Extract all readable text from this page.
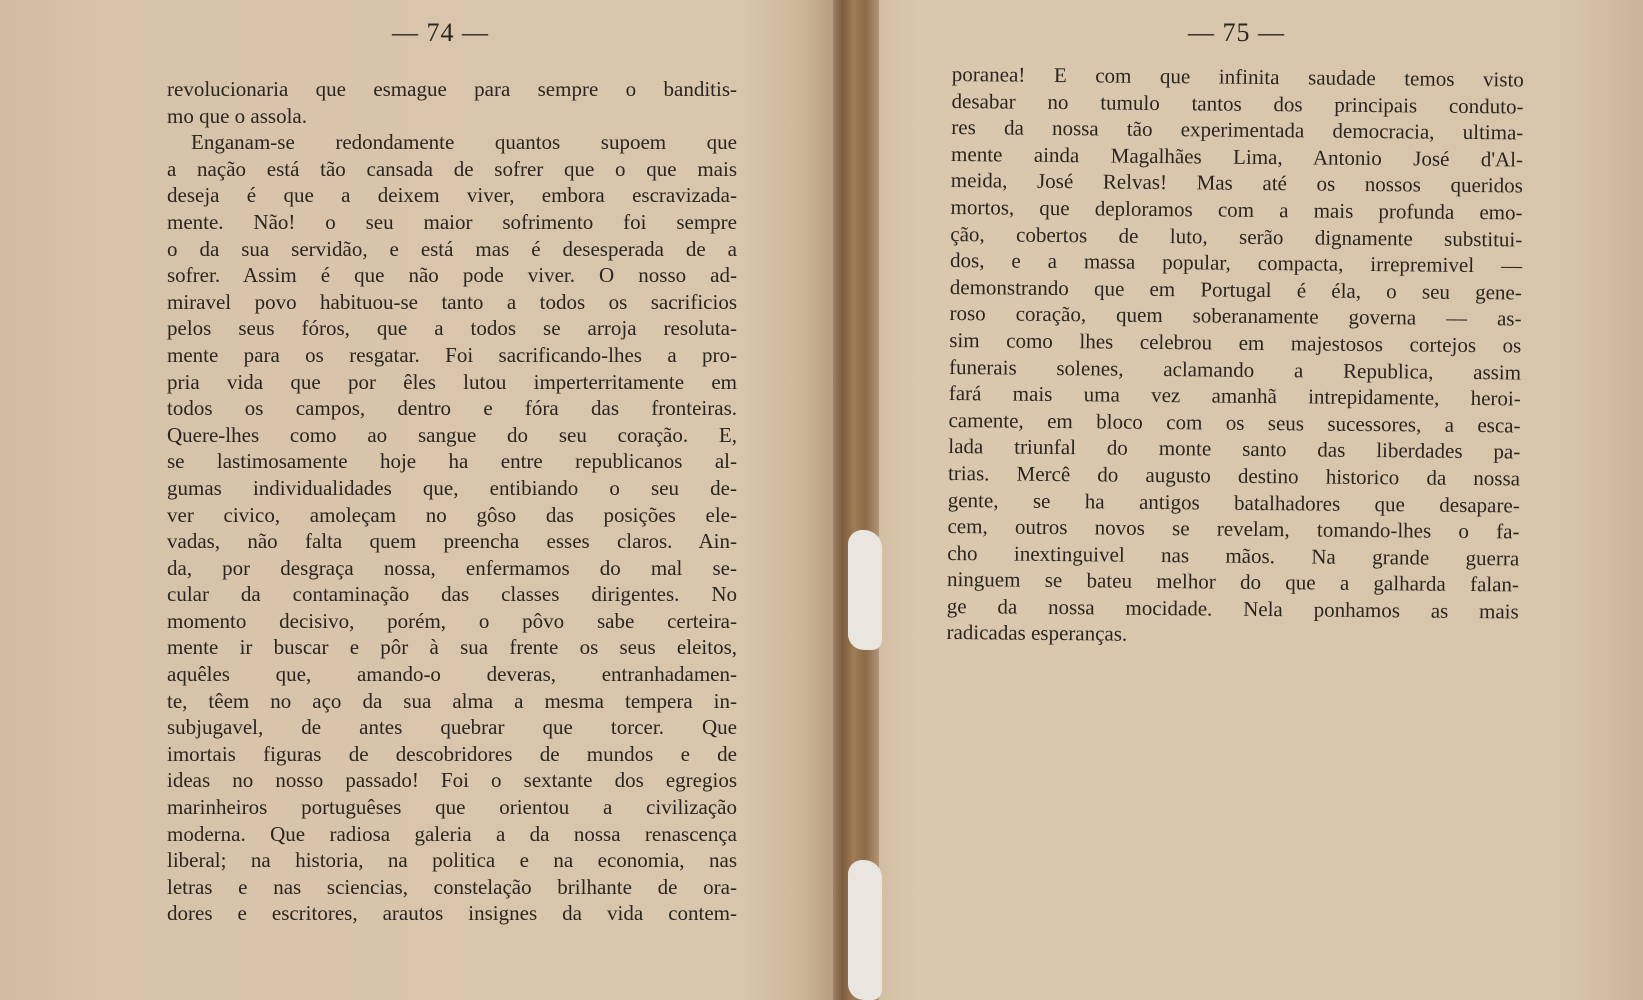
— 74 —
revolucionaria que esmague para sempre o banditis-
mo que o assola.
Enganam-se redondamente quantos supoem que
a nação está tão cansada de sofrer que o que mais
deseja é que a deixem viver, embora escravizada-
mente. Não! o seu maior sofrimento foi sempre
o da sua servidão, e está mas é desesperada de a
sofrer. Assim é que não pode viver. O nosso ad-
miravel povo habituou-se tanto a todos os sacrificios
pelos seus fóros, que a todos se arroja resoluta-
mente para os resgatar. Foi sacrificando-lhes a pro-
pria vida que por êles lutou imperterritamente em
todos os campos, dentro e fóra das fronteiras.
Quere-lhes como ao sangue do seu coração. E,
se lastimosamente hoje ha entre republicanos al-
gumas individualidades que, entibiando o seu de-
ver civico, amoleçam no gôso das posições ele-
vadas, não falta quem preencha esses claros. Ain-
da, por desgraça nossa, enfermamos do mal se-
cular da contaminação das classes dirigentes. No
momento decisivo, porém, o pôvo sabe certeira-
mente ir buscar e pôr à sua frente os seus eleitos,
aquêles que, amando-o deveras, entranhadamen-
te, têem no aço da sua alma a mesma tempera in-
subjugavel, de antes quebrar que torcer. Que
imortais figuras de descobridores de mundos e de
ideas no nosso passado! Foi o sextante dos egregios
marinheiros portuguêses que orientou a civilização
moderna. Que radiosa galeria a da nossa renascença
liberal; na historia, na politica e na economia, nas
letras e nas sciencias, constelação brilhante de ora-
dores e escritores, arautos insignes da vida contem-
— 75 —
poranea! E com que infinita saudade temos visto
desabar no tumulo tantos dos principais conduto-
res da nossa tão experimentada democracia, ultima-
mente ainda Magalhães Lima, Antonio José d'Al-
meida, José Relvas! Mas até os nossos queridos
mortos, que deploramos com a mais profunda emo-
ção, cobertos de luto, serão dignamente substitui-
dos, e a massa popular, compacta, irrepremivel —
demonstrando que em Portugal é éla, o seu gene-
roso coração, quem soberanamente governa — as-
sim como lhes celebrou em majestosos cortejos os
funerais solenes, aclamando a Republica, assim
fará mais uma vez amanhã intrepidamente, heroi-
camente, em bloco com os seus sucessores, a esca-
lada triunfal do monte santo das liberdades pa-
trias. Mercê do augusto destino historico da nossa
gente, se ha antigos batalhadores que desapare-
cem, outros novos se revelam, tomando-lhes o fa-
cho inextinguivel nas mãos. Na grande guerra
ninguem se bateu melhor do que a galharda falan-
ge da nossa mocidade. Nela ponhamos as mais
radicadas esperanças.
